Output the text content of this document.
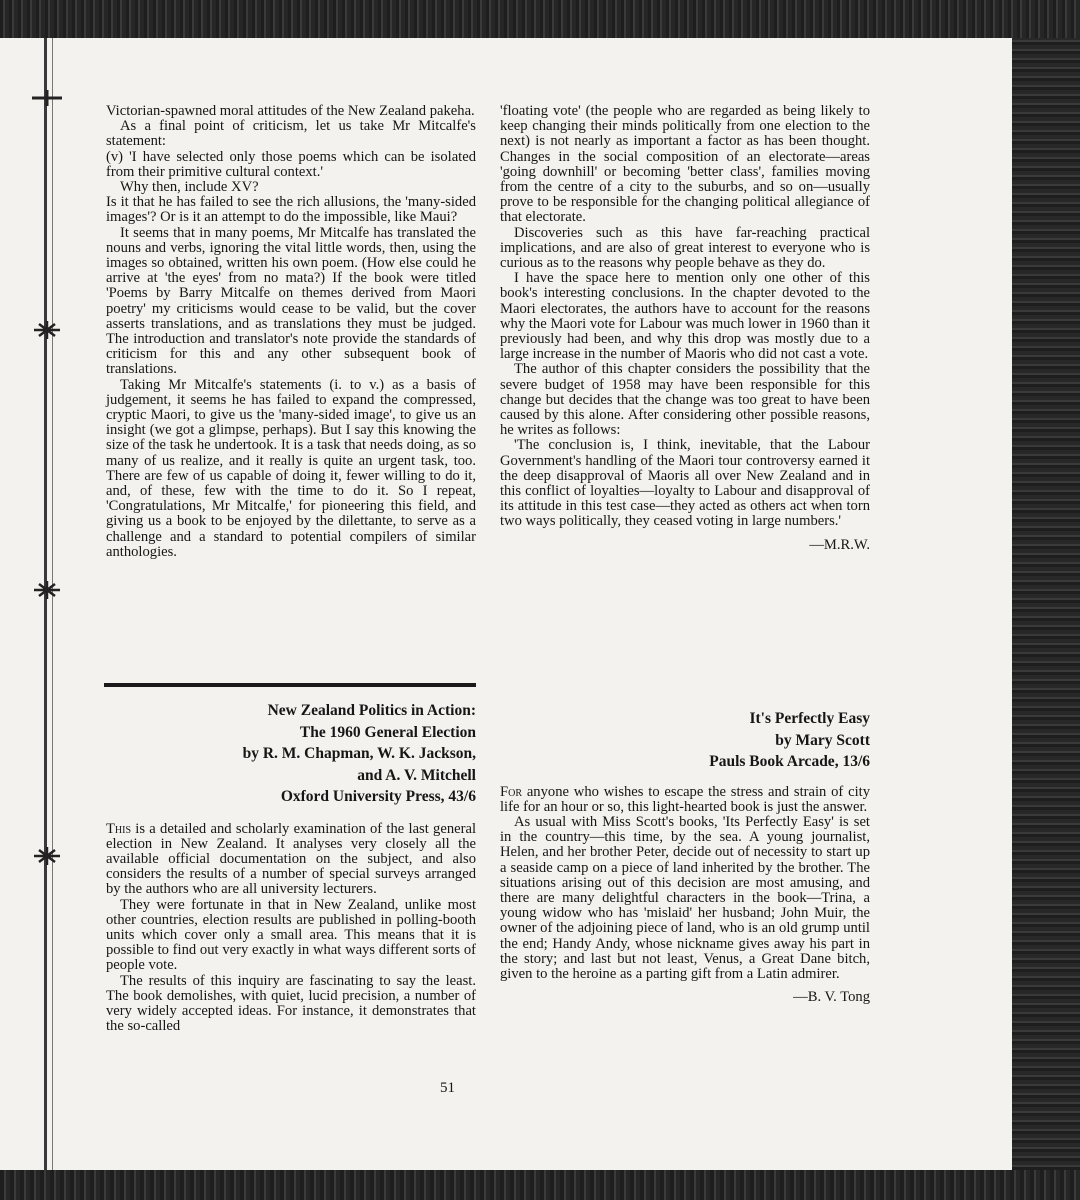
Victorian-spawned moral attitudes of the New Zealand pakeha.

As a final point of criticism, let us take Mr Mitcalfe's statement:

(v) 'I have selected only those poems which can be isolated from their primitive cultural context.'

Why then, include XV?

Is it that he has failed to see the rich allusions, the 'many-sided images'? Or is it an attempt to do the impossible, like Maui?

It seems that in many poems, Mr Mitcalfe has translated the nouns and verbs, ignoring the vital little words, then, using the images so obtained, written his own poem. (How else could he arrive at 'the eyes' from no mata?) If the book were titled 'Poems by Barry Mitcalfe on themes derived from Maori poetry' my criticisms would cease to be valid, but the cover asserts translations, and as translations they must be judged. The introduction and translator's note provide the standards of criticism for this and any other subsequent book of translations.

Taking Mr Mitcalfe's statements (i. to v.) as a basis of judgement, it seems he has failed to expand the compressed, cryptic Maori, to give us the 'many-sided image', to give us an insight (we got a glimpse, perhaps). But I say this knowing the size of the task he undertook. It is a task that needs doing, as so many of us realize, and it really is quite an urgent task, too. There are few of us capable of doing it, fewer willing to do it, and, of these, few with the time to do it. So I repeat, 'Congratulations, Mr Mitcalfe,' for pioneering this field, and giving us a book to be enjoyed by the dilettante, to serve as a challenge and a standard to potential compilers of similar anthologies.

'floating vote' (the people who are regarded as being likely to keep changing their minds politically from one election to the next) is not nearly as important a factor as has been thought. Changes in the social composition of an electorate—areas 'going downhill' or becoming 'better class', families moving from the centre of a city to the suburbs, and so on—usually prove to be responsible for the changing political allegiance of that electorate.

Discoveries such as this have far-reaching practical implications, and are also of great interest to everyone who is curious as to the reasons why people behave as they do.

I have the space here to mention only one other of this book's interesting conclusions. In the chapter devoted to the Maori electorates, the authors have to account for the reasons why the Maori vote for Labour was much lower in 1960 than it previously had been, and why this drop was mostly due to a large increase in the number of Maoris who did not cast a vote.

The author of this chapter considers the possibility that the severe budget of 1958 may have been responsible for this change but decides that the change was too great to have been caused by this alone. After considering other possible reasons, he writes as follows:

'The conclusion is, I think, inevitable, that the Labour Government's handling of the Maori tour controversy earned it the deep disapproval of Maoris all over New Zealand and in this conflict of loyalties—loyalty to Labour and disapproval of its attitude in this test case—they acted as others act when torn two ways politically, they ceased voting in large numbers.'

—M.R.W.

New Zealand Politics in Action:
The 1960 General Election
by R. M. Chapman, W. K. Jackson,
and A. V. Mitchell
Oxford University Press, 43/6

This is a detailed and scholarly examination of the last general election in New Zealand. It analyses very closely all the available official documentation on the subject, and also considers the results of a number of special surveys arranged by the authors who are all university lecturers.

They were fortunate in that in New Zealand, unlike most other countries, election results are published in polling-booth units which cover only a small area. This means that it is possible to find out very exactly in what ways different sorts of people vote.

The results of this inquiry are fascinating to say the least. The book demolishes, with quiet, lucid precision, a number of very widely accepted ideas. For instance, it demonstrates that the so-called

It's Perfectly Easy
by Mary Scott
Pauls Book Arcade, 13/6

For anyone who wishes to escape the stress and strain of city life for an hour or so, this light-hearted book is just the answer.

As usual with Miss Scott's books, 'Its Perfectly Easy' is set in the country—this time, by the sea. A young journalist, Helen, and her brother Peter, decide out of necessity to start up a seaside camp on a piece of land inherited by the brother. The situations arising out of this decision are most amusing, and there are many delightful characters in the book—Trina, a young widow who has 'mislaid' her husband; John Muir, the owner of the adjoining piece of land, who is an old grump until the end; Handy Andy, whose nickname gives away his part in the story; and last but not least, Venus, a Great Dane bitch, given to the heroine as a parting gift from a Latin admirer.

—B. V. Tong

51
